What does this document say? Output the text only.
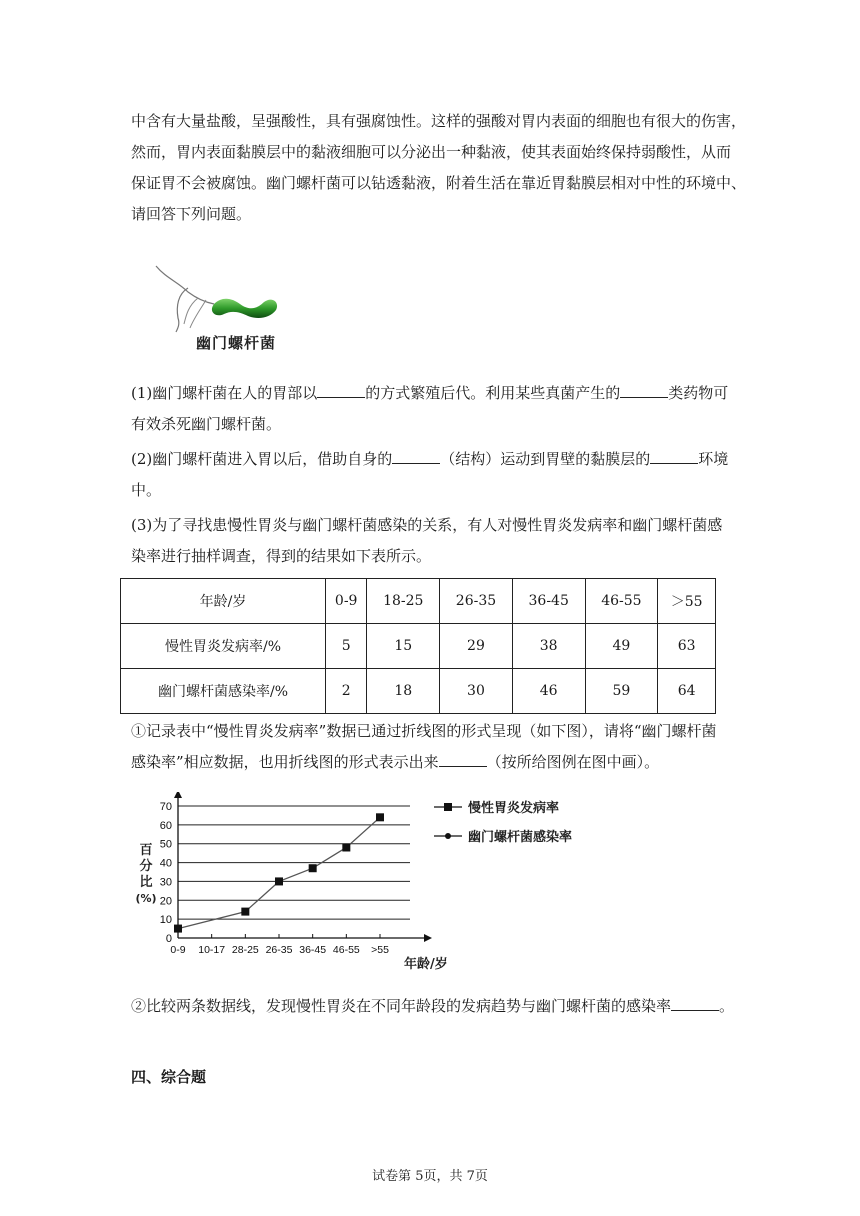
中含有大量盐酸，呈强酸性，具有强腐蚀性。这样的强酸对胃内表面的细胞也有很大的伤害，
然而，胃内表面黏膜层中的黏液细胞可以分泌出一种黏液，使其表面始终保持弱酸性，从而
保证胃不会被腐蚀。幽门螺杆菌可以钻透黏液，附着生活在靠近胃黏膜层相对中性的环境中、
请回答下列问题。

幽门螺杆菌

(1)幽门螺杆菌在人的胃部以	的方式繁殖后代。利用某些真菌产生的	类药物可
有效杀死幽门螺杆菌。

(2)幽门螺杆菌进入胃以后，借助自身的	（结构）运动到胃壁的黏膜层的	环境
中。

(3)为了寻找患慢性胃炎与幽门螺杆菌感染的关系，有人对慢性胃炎发病率和幽门螺杆菌感
染率进行抽样调查，得到的结果如下表所示。

年龄/岁	0-9	18-25	26-35	36-45	46-55	＞55
慢性胃炎发病率/%	5	15	29	38	49	63
幽门螺杆菌感染率/%	2	18	30	46	59	64

①记录表中“慢性胃炎发病率”数据已通过折线图的形式呈现（如下图），请将“幽门螺杆菌
感染率”相应数据，也用折线图的形式表示出来	（按所给图例在图中画）。

0
10
20
30
40
50
60
70
0-9 10-17 28-25 26-35 36-45 46-55 >55
慢性胃炎发病率
幽门螺杆菌感染率
百
分
比
(%)
年龄/岁

②比较两条数据线，发现慢性胃炎在不同年龄段的发病趋势与幽门螺杆菌的感染率	。

四、综合题
试卷第 5页，共 7页
